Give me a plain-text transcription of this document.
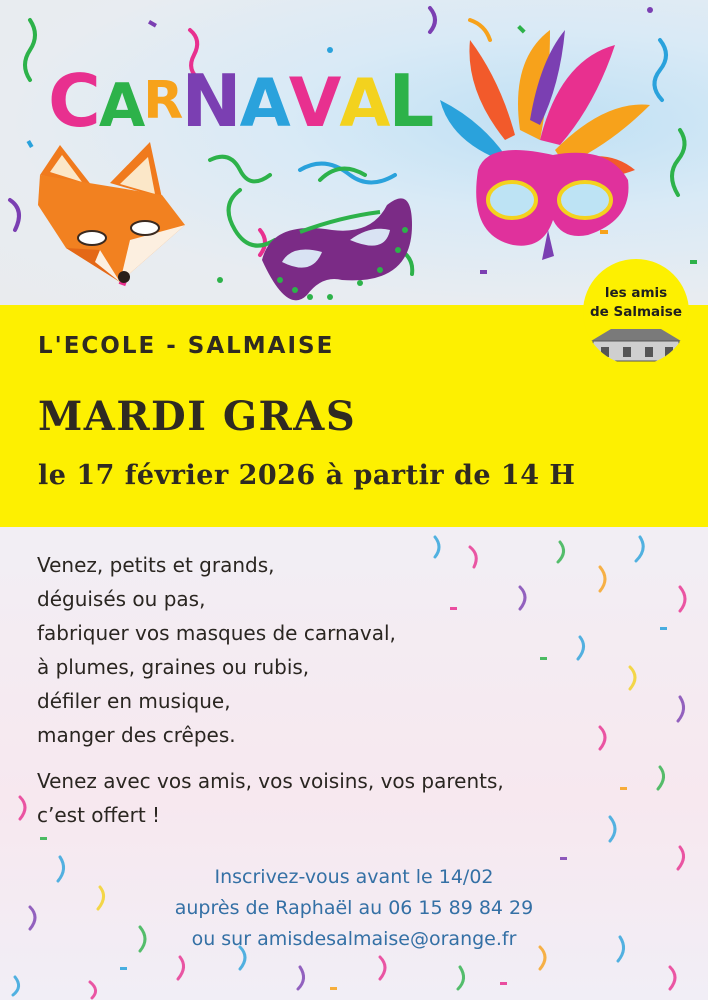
CARNAVAL
L'ECOLE - SALMAISE
MARDI GRAS
le 17 février 2026 à partir de 14 H
les amis
de Salmaise
Venez, petits et grands,
déguisés ou pas,
fabriquer vos masques de carnaval,
à plumes, graines ou rubis,
défiler en musique,
manger des crêpes.
Venez avec vos amis, vos voisins, vos parents,
c’est offert !
Inscrivez-vous avant le 14/02
auprès de Raphaël au 06 15 89 84 29
ou sur amisdesalmaise@orange.fr
